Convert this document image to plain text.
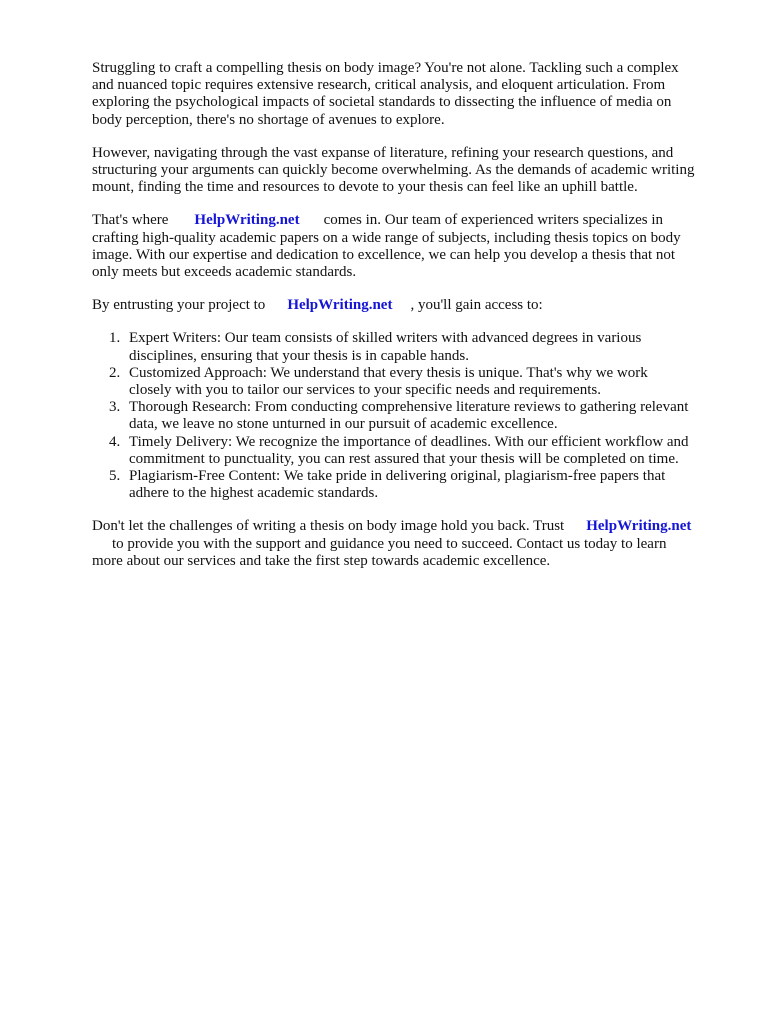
Struggling to craft a compelling thesis on body image? You're not alone. Tackling such a complex
and nuanced topic requires extensive research, critical analysis, and eloquent articulation. From
exploring the psychological impacts of societal standards to dissecting the influence of media on
body perception, there's no shortage of avenues to explore.

However, navigating through the vast expanse of literature, refining your research questions, and
structuring your arguments can quickly become overwhelming. As the demands of academic writing
mount, finding the time and resources to devote to your thesis can feel like an uphill battle.

That's where HelpWriting.net comes in. Our team of experienced writers specializes in
crafting high-quality academic papers on a wide range of subjects, including thesis topics on body
image. With our expertise and dedication to excellence, we can help you develop a thesis that not
only meets but exceeds academic standards.

By entrusting your project to HelpWriting.net , you'll gain access to:

1. Expert Writers: Our team consists of skilled writers with advanced degrees in various
disciplines, ensuring that your thesis is in capable hands.
2. Customized Approach: We understand that every thesis is unique. That's why we work
closely with you to tailor our services to your specific needs and requirements.
3. Thorough Research: From conducting comprehensive literature reviews to gathering relevant
data, we leave no stone unturned in our pursuit of academic excellence.
4. Timely Delivery: We recognize the importance of deadlines. With our efficient workflow and
commitment to punctuality, you can rest assured that your thesis will be completed on time.
5. Plagiarism-Free Content: We take pride in delivering original, plagiarism-free papers that
adhere to the highest academic standards.

Don't let the challenges of writing a thesis on body image hold you back. Trust HelpWriting.net
to provide you with the support and guidance you need to succeed. Contact us today to learn
more about our services and take the first step towards academic excellence.
